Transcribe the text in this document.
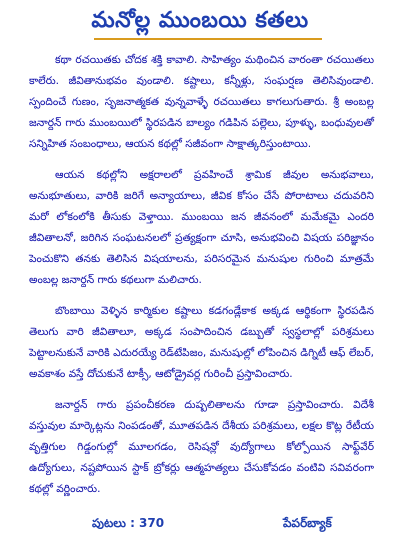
మనోల్ల ముంబయి కతలు

కథా రచయితకు చోదక శక్తి కావాలి. సాహిత్యం మథించిన వారంతా రచయితలు కాలేరు. జీవితానుభవం వుండాలి. కష్టాలు, కన్నీళ్లు, సంఘర్షణ తెలిసివుండాలి. స్పందించే గుణం, సృజనాత్మకత వున్నవాళ్ళే రచయితలు కాగలుగుతారు. శ్రీ అంబల్ల జనార్దన్ గారు ముంబయిలో స్థిరపడిన బాల్యం గడిపిన పల్లెలు, పూళ్ళు, బంధువులతో సన్నిహిత సంబంధాలు, ఆయన కథల్లో సజీవంగా సాక్షాత్కరిస్తుంటాయి.

ఆయన కథల్లోని అక్షరాలలో ప్రవహించే శ్రామిక జీవుల అనుభవాలు, అనుభూతులు, వారికి జరిగే అన్యాయాలు, జీవిక కోసం చేసే పోరాటాలు చదువరిని మరో లోకంలోకి తీసుకు వెళ్తాయి. ముంబయి జన జీవనంలో మమేకమై ఎందరి జీవితాలనో, జరిగిన సంఘటనలలో ప్రత్యక్షంగా చూసి, అనుభవించి విషయ పరిజ్ఞానం పెంచుకొని తనకు తెలిసిన విషయాలను, పరిసరమైన మనుషుల గురించి మాత్రమే అంబల్ల జనార్దన్ గారు కథలుగా మలిచారు.

బొంబాయి వెళ్ళిన కార్మికుల కష్టాలు కడగండ్లేకాక అక్కడ ఆర్థికంగా స్థిరపడిన తెలుగు వారి జీవితాలూ, అక్కడ సంపాదించిన డబ్బుతో స్వస్థలాల్లో పరిశ్రమలు పెట్టాలనుకునే వారికి ఎదురయ్యే రెడ్‌టేపిజం, మనుషుల్లో లోపించిన డిగ్నిటీ ఆఫ్ లేబర్, అవకాశం వస్తే దోచుకునే టాక్సీ, ఆటోడ్రైవర్ల గురించీ ప్రస్తావించారు.

జనార్దన్ గారు ప్రపంచీకరణ దుష్పలితాలను గూడా ప్రస్తావించారు. విదేశీ వస్తువుల మార్కెట్లను నింపడంతో, మూతపడిన దేశీయ పరిశ్రమలు, లక్షల కొట్ల రేటీయ వృత్తిగుల గిడ్డంగుల్లో మూలగడం, రెసిషన్లో వుద్యోగాలు కోల్పోయిన సాఫ్ట్‌వేర్ ఉద్యోగులు, నష్టపోయిన స్టాక్ బ్రోకర్లు ఆత్మహత్యలు చేసుకోవడం వంటివి సవివరంగా కథల్లో వర్ణించారు.

పుటలు : 370	పేపర్‌బ్యాక్
